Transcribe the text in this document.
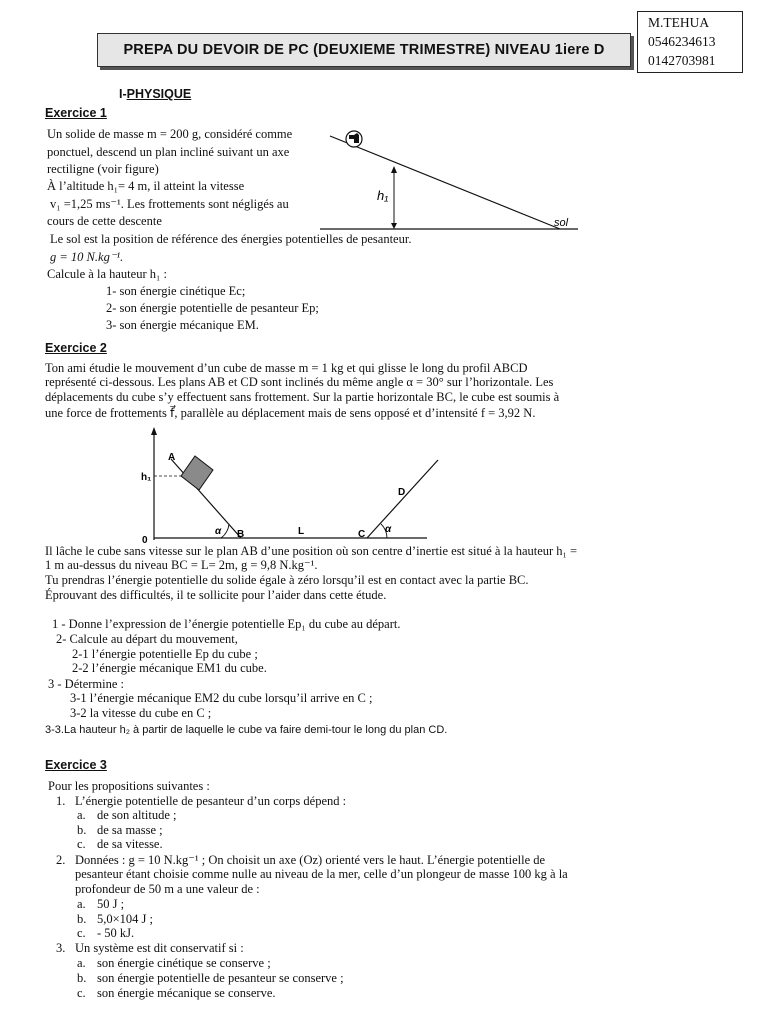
PREPA DU DEVOIR DE PC (DEUXIEME TRIMESTRE) NIVEAU 1iere D
M.TEHUA
0546234613
0142703981
I-PHYSIQUE
Exercice 1
Un solide de masse m = 200 g, considéré comme
ponctuel, descend un plan incliné suivant un axe
rectiligne (voir figure)
À l’altitude h₁= 4 m, il atteint la vitesse
v₁ =1,25 ms⁻¹. Les frottements sont négligés au
cours de cette descente
Le sol est la position de référence des énergies potentielles de pesanteur.
g = 10 N.kg⁻¹.
Calcule à la hauteur h₁ :
1- son énergie cinétique Ec;
2- son énergie potentielle de pesanteur Ep;
3- son énergie mécanique EM.
h₁
sol
Exercice 2
Ton ami étudie le mouvement d’un cube de masse m = 1 kg et qui glisse le long du profil ABCD
représenté ci-dessous. Les plans AB et CD sont inclinés du même angle α = 30° sur l’horizontale. Les
déplacements du cube s’y effectuent sans frottement. Sur la partie horizontale BC, le cube est soumis à
une force de frottements f⃗, parallèle au déplacement mais de sens opposé et d’intensité f = 3,92 N.
A
B	L	C
D
h₁
0
α	α
Il lâche le cube sans vitesse sur le plan AB d’une position où son centre d’inertie est situé à la hauteur h₁ =
1 m au-dessus du niveau BC = L= 2m, g = 9,8 N.kg⁻¹.
Tu prendras l’énergie potentielle du solide égale à zéro lorsqu’il est en contact avec la partie BC.
Éprouvant des difficultés, il te sollicite pour l’aider dans cette étude.
1 - Donne l’expression de l’énergie potentielle Ep₁ du cube au départ.
2- Calcule au départ du mouvement,
2-1 l’énergie potentielle Ep du cube ;
2-2 l’énergie mécanique EM1 du cube.
3 - Détermine :
3-1 l’énergie mécanique EM2 du cube lorsqu’il arrive en C ;
3-2 la vitesse du cube en C ;
3-3.La hauteur h₂ à partir de laquelle le cube va faire demi-tour le long du plan CD.
Exercice 3
Pour les propositions suivantes :
1. L’énergie potentielle de pesanteur d’un corps dépend :
a. de son altitude ;
b. de sa masse ;
c. de sa vitesse.
2. Données : g = 10 N.kg⁻¹ ; On choisit un axe (Oz) orienté vers le haut. L’énergie potentielle de
pesanteur étant choisie comme nulle au niveau de la mer, celle d’un plongeur de masse 100 kg à la
profondeur de 50 m a une valeur de :
a. 50 J ;
b. 5,0×104 J ;
c. - 50 kJ.
3. Un système est dit conservatif si :
a. son énergie cinétique se conserve ;
b. son énergie potentielle de pesanteur se conserve ;
c. son énergie mécanique se conserve.
